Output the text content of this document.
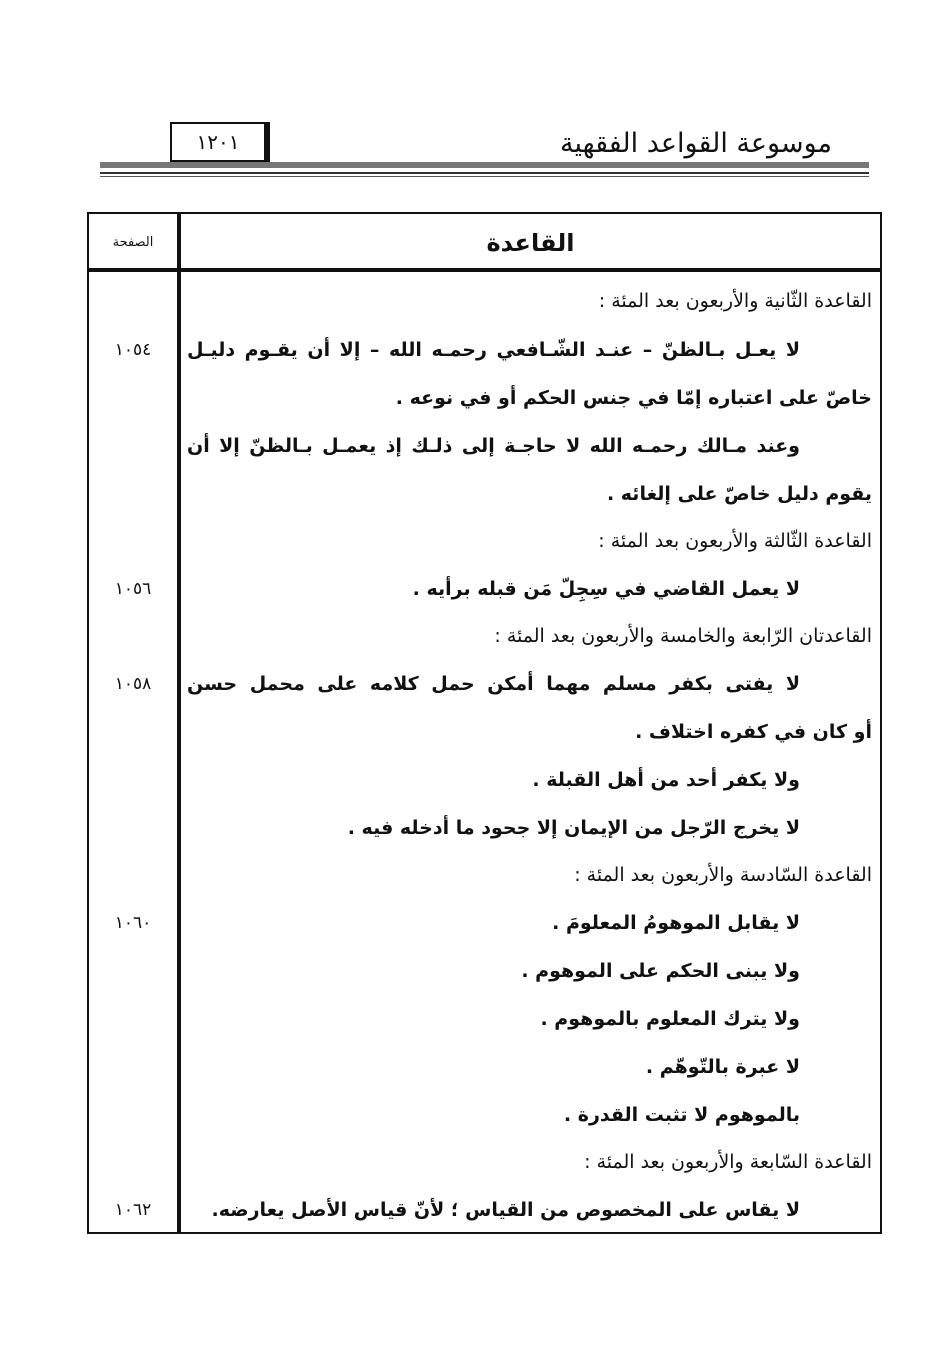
موسوعة القواعد الفقهية
١٢٠١
القاعدة
الصفحة
القاعدة الثّانية والأربعون بعد المئة :
لا يعـل بـالظنّ – عنـد الشّـافعي رحمـه الله – إلا أن يقـوم دليـل
١٠٥٤
خاصّ على اعتباره إمّا في جنس الحكم أو في نوعه .
وعند مـالك رحمـه الله لا حاجـة إلى ذلـك إذ يعمـل بـالظنّ إلا أن
يقوم دليل خاصّ على إلغائه .
القاعدة الثّالثة والأربعون بعد المئة :
لا يعمل القاضي في سِجِلّ مَن قبله برأيه .
١٠٥٦
القاعدتان الرّابعة والخامسة والأربعون بعد المئة :
لا يفتى بكفر مسلم مهما أمكن حمل كلامه على محمل حسن
١٠٥٨
أو كان في كفره اختلاف .
ولا يكفر أحد من أهل القبلة .
لا يخرج الرّجل من الإيمان إلا جحود ما أدخله فيه .
القاعدة السّادسة والأربعون بعد المئة :
لا يقابل الموهومُ المعلومَ .
١٠٦٠
ولا يبنى الحكم على الموهوم .
ولا يترك المعلوم بالموهوم .
لا عبرة بالتّوهّم .
بالموهوم لا تثبت القدرة .
القاعدة السّابعة والأربعون بعد المئة :
لا يقاس على المخصوص من القياس ؛ لأنّ قياس الأصل يعارضه.
١٠٦٢
